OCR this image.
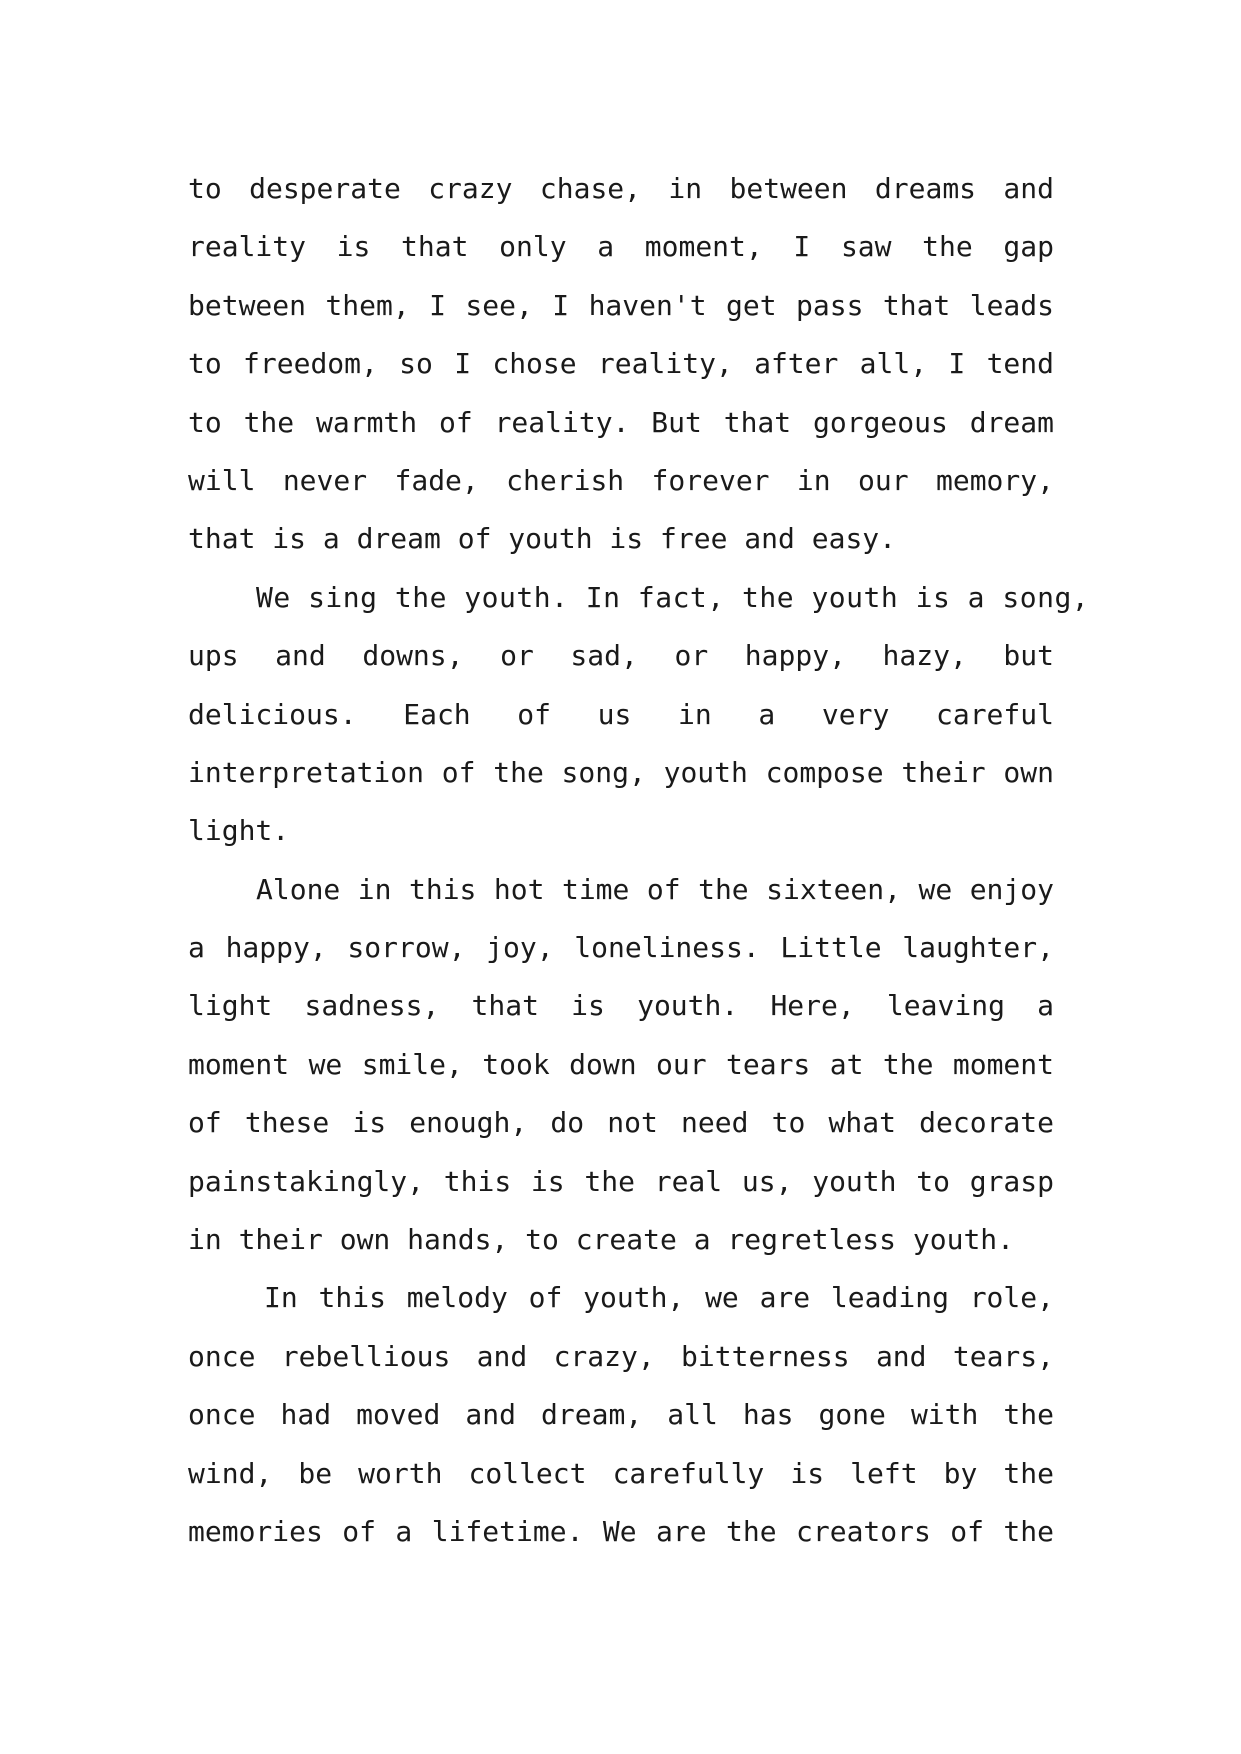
to desperate crazy chase, in between dreams and
reality is that only a moment, I saw the gap
between them, I see, I haven't get pass that leads
to freedom, so I chose reality, after all, I tend
to the warmth of reality. But that gorgeous dream
will never fade, cherish forever in our memory,
that is a dream of youth is free and easy.
We sing the youth. In fact, the youth is a song,
ups and downs, or sad, or happy, hazy, but
delicious. Each of us in a very careful
interpretation of the song, youth compose their own
light.
Alone in this hot time of the sixteen, we enjoy
a happy, sorrow, joy, loneliness. Little laughter,
light sadness, that is youth. Here, leaving a
moment we smile, took down our tears at the moment
of these is enough, do not need to what decorate
painstakingly, this is the real us, youth to grasp
in their own hands, to create a regretless youth.
In this melody of youth, we are leading role,
once rebellious and crazy, bitterness and tears,
once had moved and dream, all has gone with the
wind, be worth collect carefully is left by the
memories of a lifetime. We are the creators of the
